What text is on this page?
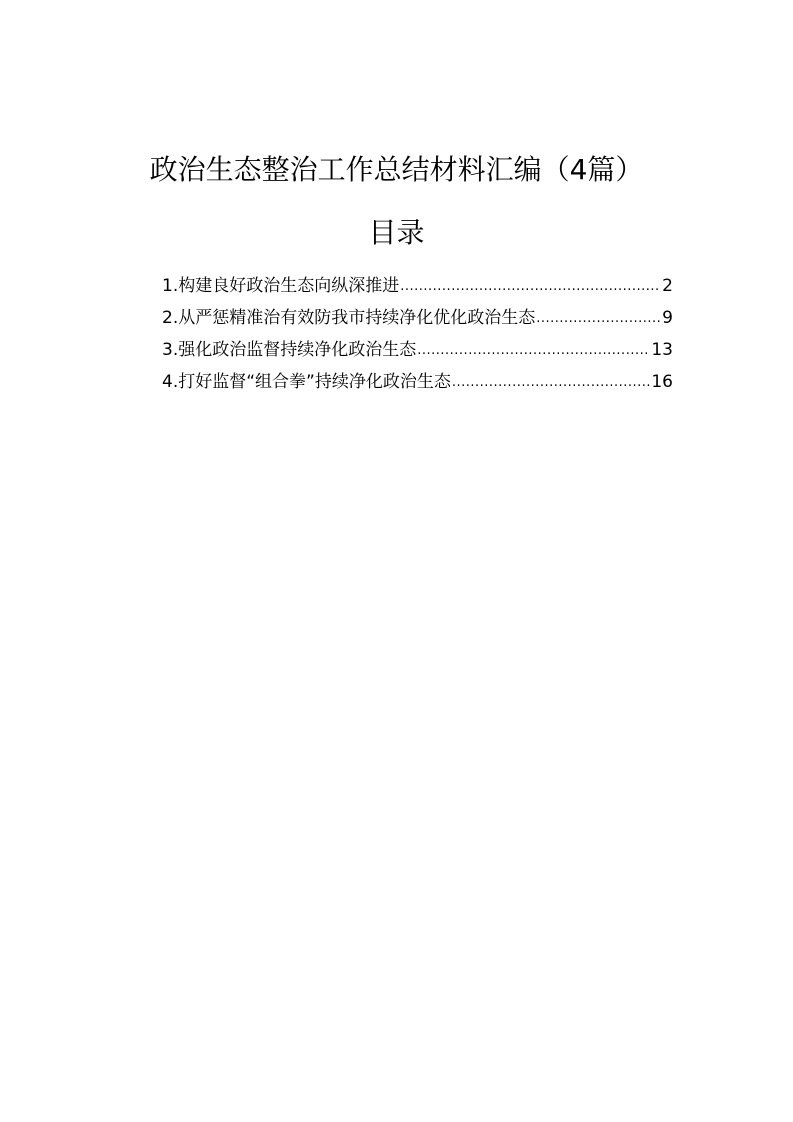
政治生态整治工作总结材料汇编（4篇）
目录
1.构建良好政治生态向纵深推进 .....	2
2.从严惩精准治有效防我市持续净化优化政治生态 .....	9
3.强化政治监督持续净化政治生态 .....	13
4.打好监督“组合拳”持续净化政治生态 .....	16
